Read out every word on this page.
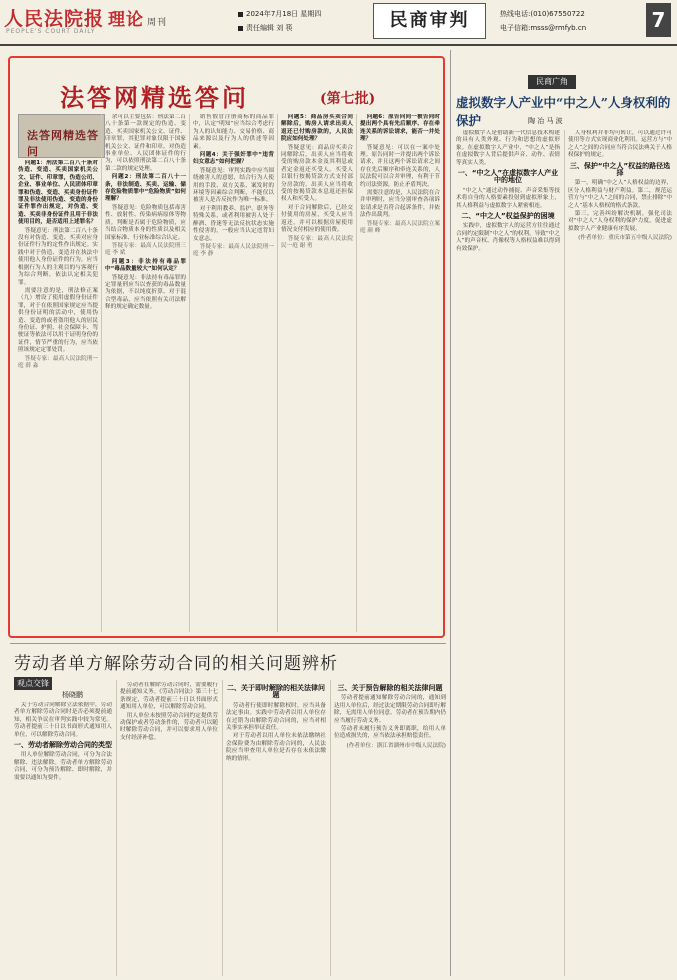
人民法院报 理论 周刊
PEOPLE'S COURT DAILY
2024年7月18日 星期四
责任编辑 刘 筷	民商审判	热线电话:(010)67550722
电子信箱:msss@rmfyb.cn	7
法答网精选答问	(第七批)
法答网精选答问

问题1：刑法第二百八十条对伪造、变造、买卖国家机关公文、证件、印章罪，伪造公司、企业、事业单位、人民团体印章罪和伪造、变造、买卖身份证件罪及非法使用伪造、变造的身份证件罪作出规定，对伪造、变造、买卖非身份证件且用于非法使用目的，是否适用上述罪名？

答疑意见：刑法第二百八十条没有对伪造、变造、买卖对应身份证件行为的定性作出规定。实践中对于伪造、变造并在执法中使用他人身份证件的行为，应当根据行为人的主观目的与客观行为综合判断，依法认定相关犯罪。

需要注意的是，刑法修正案（九）增设了使用虚假身份证件罪，对于在依照国家规定应当提供身份证明的活动中，使用伪造、变造的或者盗用他人的居民身份证、护照、社会保障卡、驾驶证等依法可以用于证明身份的证件，情节严重的行为，应当依照该规定定罪处罚。

答疑专家：最高人民法院刑一庭 薛 淼

余可以主要包括：刑法第二百八十条第一款规定的伪造、变造、买卖国家机关公文、证件、印章罪，其犯罪对象仅限于国家机关公文、证件和印章。对伪造事业单位、人民团体证件的行为，可以依照刑法第二百八十条第二款的规定处理。

问题2：刑法第二百八十一条，非法制造、买卖、运输、储存危险物质罪中“危险物质”如何理解？

答疑意见：危险物质包括毒害性、放射性、传染病病原体等物质。判断是否属于危险物质，应当结合物质本身的性质以及相关国家标准、行业标准综合认定。

答疑专家：最高人民法院刑三庭 李 斌

问题3：非法持有毒品罪中“毒品数量较大”如何认定？

答疑意见：非法持有毒品罪的定罪量刑应当以查获的毒品数量为依据，不以纯度折算。对于混合型毒品，应当依照有关司法解释的规定确定数量。

销售假冒注册商标的商品罪中，认定“明知”应当综合考虑行为人的认知能力、交易价格、商品来源以及行为人的供述等因素。

问题4：关于强奸罪中“违背妇女意志”如何把握？

答疑意见：审判实践中应当围绕被害人的意愿，结合行为人使用的手段、双方关系、案发时的环境等因素综合判断，不能仅以被害人是否反抗作为唯一标准。

对于利用教养、监护、职务等特殊关系，或者利用被害人处于醉酒、昏迷等无法反抗状态实施性侵害的，一般应当认定违背妇女意志。

答疑专家：最高人民法院刑一庭 李 静

问题5：商品房买卖合同解除后，购房人请求出卖人返还已付购房款的，人民法院应如何处理？

答疑意见：商品房买卖合同解除后，出卖人应当将收受的购房款本金及其利息或者定金返还买受人。买受人以银行按揭贷款方式支付部分房款的，出卖人应当将收受的按揭贷款本息返还担保权人和买受人。

对于合同解除后，已经交付使用的房屋，买受人应当返还，并可以根据房屋使用情况支付相应的使用费。

答疑专家：最高人民法院民一庭 谢 勇

问题6：原告向同一被告同时提出两个具有先后顺序、存在牵连关系的诉讼请求，能否一并处理？

答疑意见：可以在一案中处理。原告同时一并提出两个诉讼请求，并且这两个诉讼请求之间存在先后顺序和牵连关系的，人民法院可以合并审理，有利于节约司法资源，防止矛盾判决。

需要注意的是，人民法院在合并审理时，应当分别审查各项诉讼请求是否符合起诉条件，并依法作出裁判。

答疑专家：最高人民法院立案庭 颜 峰

劳动者单方解除劳动合同的相关问题辨析
观点交锋
杨晓鹏

关于劳动合同解除立法依据中，劳动者单方解除劳动合同时是否必须提前通知，相关争议在审判实践中较为常见。劳动者提前三十日以书面形式通知用人单位，可以解除劳动合同。

一、劳动者解除劳动合同的类型

用人单位解除劳动合同，可分为合法解除、违法解除。劳动者单方解除劳动合同，可分为预告解除、即时解除，并需要以通知为要件。

劳动者在解除劳动合同时，需要履行提前通知义务。《劳动合同法》第三十七条规定，劳动者提前三十日以书面形式通知用人单位，可以解除劳动合同。

用人单位未按照劳动合同约定提供劳动保护或者劳动条件的，劳动者可以随时解除劳动合同，并可以要求用人单位支付经济补偿。

二、关于即时解除的相关法律问题

劳动者行使即时解除权时，应当具备法定事由。实践中劳动者以用人单位存在过错为由解除劳动合同的，应当对相关事实承担举证责任。

对于劳动者以用人单位未依法缴纳社会保险费为由解除劳动合同的，人民法院应当审查用人单位是否存在未依法缴纳的情形。

三、关于预告解除的相关法律问题

劳动者提前通知解除劳动合同的，通知到达用人单位后，经过法定期限劳动合同即行解除，无需用人单位同意。劳动者在预告期内仍应当履行劳动义务。

劳动者未履行预告义务即离职，给用人单位造成损失的，应当依法承担赔偿责任。

(作者单位：浙江省湖州市中级人民法院)

民商广角
虚拟数字人产业中“中之人”人身权利的保护	陶 冶 马 波

虚拟数字人是借助新一代信息技术构建的具有人类外观、行为和思想的虚拟形象。在虚拟数字人产业中，“中之人”是指在虚拟数字人背后提供声音、动作、表情等真实人类。

一、“中之人”在虚拟数字人产业中的地位

“中之人”通过动作捕捉、声音采集等技术将自身的人格要素投射到虚拟形象上，其人格利益与虚拟数字人紧密相连。

二、“中之人”权益保护的困境

实践中，虚拟数字人的运营方往往通过合同约定限制“中之人”的权利，导致“中之人”的声音权、肖像权等人格权益难以得到有效保护。

人身权利并非均可转让，可以通过许可使用等方式实现商业化利用。运营方与“中之人”之间的合同应当符合民法典关于人格权保护的规定。

三、保护“中之人”权益的路径选择

第一，明确“中之人”人格权益的边界，区分人格利益与财产利益。第二，规范运营方与“中之人”之间的合同，禁止排除“中之人”基本人格权的格式条款。

第三，完善纠纷解决机制，强化司法对“中之人”人身权利的保护力度，促进虚拟数字人产业健康有序发展。

(作者单位：重庆市第五中级人民法院)
